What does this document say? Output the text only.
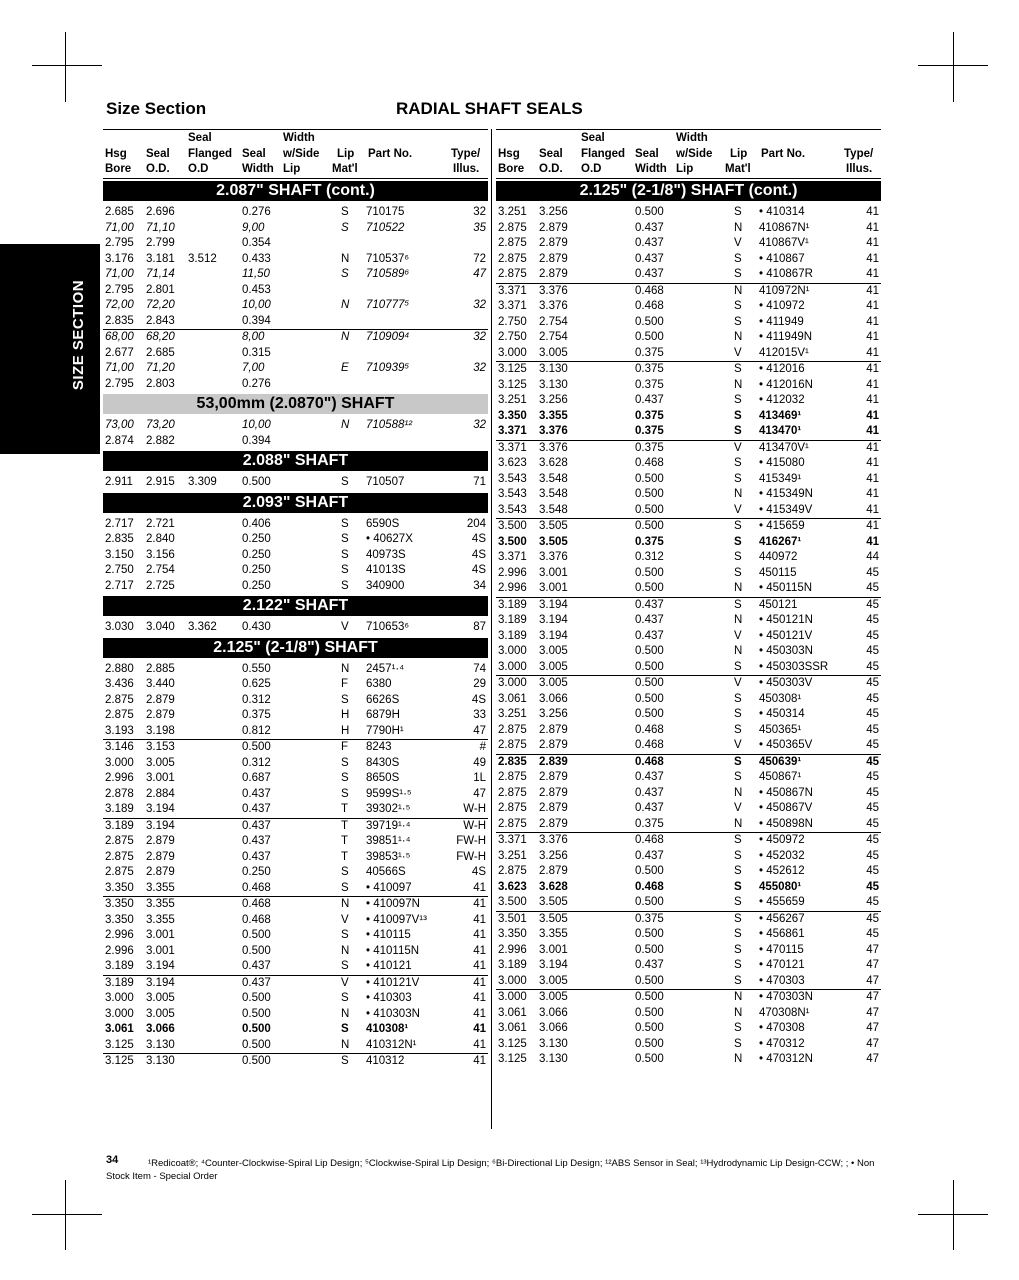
SIZE SECTION
Size Section	RADIAL SHAFT SEALS
Seal	Width
Hsg Seal Flanged Seal w/Side Lip Part No.	Type/
Bore O.D. O.D	Width Lip	Mat'l	Illus.
2.087" SHAFT (cont.)
2.685 2.696	0.276	S 710175	32
71,00 71,10	9,00	S 710522	35
2.795 2.799	0.354
3.176 3.181 3.512 0.433	N 710537⁶	72
71,00 71,14	11,50	S 710589⁶	47
2.795 2.801	0.453
72,00 72,20	10,00	N 710777⁵	32
2.835 2.843	0.394
68,00 68,20	8,00	N 710909⁴	32
2.677 2.685	0.315
71,00 71,20	7,00	E 710939⁵	32
2.795 2.803	0.276
53,00mm (2.0870") SHAFT
73,00 73,20	10,00	N 710588¹²	32
2.874 2.882	0.394
2.088" SHAFT
2.911 2.915 3.309 0.500	S 710507	71
2.093" SHAFT
2.717 2.721	0.406	S 6590S	204
2.835 2.840	0.250	S • 40627X	4S
3.150 3.156	0.250	S 40973S	4S
2.750 2.754	0.250	S 41013S	4S
2.717 2.725	0.250	S 340900	34
2.122" SHAFT
3.030 3.040 3.362 0.430	V 710653⁶	87
2.125" (2-1/8") SHAFT
2.880 2.885	0.550	N 2457¹·⁴	74
3.436 3.440	0.625	F 6380	29
2.875 2.879	0.312	S 6626S	4S
2.875 2.879	0.375	H 6879H	33
3.193 3.198	0.812	H 7790H¹	47
3.146 3.153	0.500	F 8243	#
3.000 3.005	0.312	S 8430S	49
2.996 3.001	0.687	S 8650S	1L
2.878 2.884	0.437	S 9599S¹·⁵	47
3.189 3.194	0.437	T 39302¹·⁵	W-H
3.189 3.194	0.437	T 39719¹·⁴	W-H
2.875 2.879	0.437	T 39851¹·⁴	FW-H
2.875 2.879	0.437	T 39853¹·⁵	FW-H
2.875 2.879	0.250	S 40566S	4S
3.350 3.355	0.468	S • 410097	41
3.350 3.355	0.468	N • 410097N	41
3.350 3.355	0.468	V • 410097V¹³	41
2.996 3.001	0.500	S • 410115	41
2.996 3.001	0.500	N • 410115N	41
3.189 3.194	0.437	S • 410121	41
3.189 3.194	0.437	V • 410121V	41
3.000 3.005	0.500	S • 410303	41
3.000 3.005	0.500	N • 410303N	41
3.061 3.066	0.500	S 410308¹	41
3.125 3.130	0.500	N 410312N¹	41
3.125 3.130	0.500	S 410312	41
Seal	Width
Hsg Seal Flanged Seal w/Side Lip Part No.	Type/
Bore O.D. O.D	Width Lip	Mat'l	Illus.
2.125" (2-1/8") SHAFT (cont.)
3.251 3.256	0.500	S • 410314	41
2.875 2.879	0.437	N 410867N¹	41
2.875 2.879	0.437	V 410867V¹	41
2.875 2.879	0.437	S • 410867	41
2.875 2.879	0.437	S • 410867R	41
3.371 3.376	0.468	N 410972N¹	41
3.371 3.376	0.468	S • 410972	41
2.750 2.754	0.500	S • 411949	41
2.750 2.754	0.500	N • 411949N	41
3.000 3.005	0.375	V 412015V¹	41
3.125 3.130	0.375	S • 412016	41
3.125 3.130	0.375	N • 412016N	41
3.251 3.256	0.437	S • 412032	41
3.350 3.355	0.375	S 413469¹	41
3.371 3.376	0.375	S 413470¹	41
3.371 3.376	0.375	V 413470V¹	41
3.623 3.628	0.468	S • 415080	41
3.543 3.548	0.500	S 415349¹	41
3.543 3.548	0.500	N • 415349N	41
3.543 3.548	0.500	V • 415349V	41
3.500 3.505	0.500	S • 415659	41
3.500 3.505	0.375	S 416267¹	41
3.371 3.376	0.312	S 440972	44
2.996 3.001	0.500	S 450115	45
2.996 3.001	0.500	N • 450115N	45
3.189 3.194	0.437	S 450121	45
3.189 3.194	0.437	N • 450121N	45
3.189 3.194	0.437	V • 450121V	45
3.000 3.005	0.500	N • 450303N	45
3.000 3.005	0.500	S • 450303SSR	45
3.000 3.005	0.500	V • 450303V	45
3.061 3.066	0.500	S 450308¹	45
3.251 3.256	0.500	S • 450314	45
2.875 2.879	0.468	S 450365¹	45
2.875 2.879	0.468	V • 450365V	45
2.835 2.839	0.468	S 450639¹	45
2.875 2.879	0.437	S 450867¹	45
2.875 2.879	0.437	N • 450867N	45
2.875 2.879	0.437	V • 450867V	45
2.875 2.879	0.375	N • 450898N	45
3.371 3.376	0.468	S • 450972	45
3.251 3.256	0.437	S • 452032	45
2.875 2.879	0.500	S • 452612	45
3.623 3.628	0.468	S 455080¹	45
3.500 3.505	0.500	S • 455659	45
3.501 3.505	0.375	S • 456267	45
3.350 3.355	0.500	S • 456861	45
2.996 3.001	0.500	S • 470115	47
3.189 3.194	0.437	S • 470121	47
3.000 3.005	0.500	S • 470303	47
3.000 3.005	0.500	N • 470303N	47
3.061 3.066	0.500	N 470308N¹	47
3.061 3.066	0.500	S • 470308	47
3.125 3.130	0.500	S • 470312	47
3.125 3.130	0.500	N • 470312N	47
34	¹Redicoat®; ⁴Counter-Clockwise-Spiral Lip Design; ⁵Clockwise-Spiral Lip Design; ⁶Bi-Directional Lip Design; ¹²ABS Sensor in Seal; ¹³Hydrodynamic Lip Design-CCW; ; • Non Stock Item - Special Order
